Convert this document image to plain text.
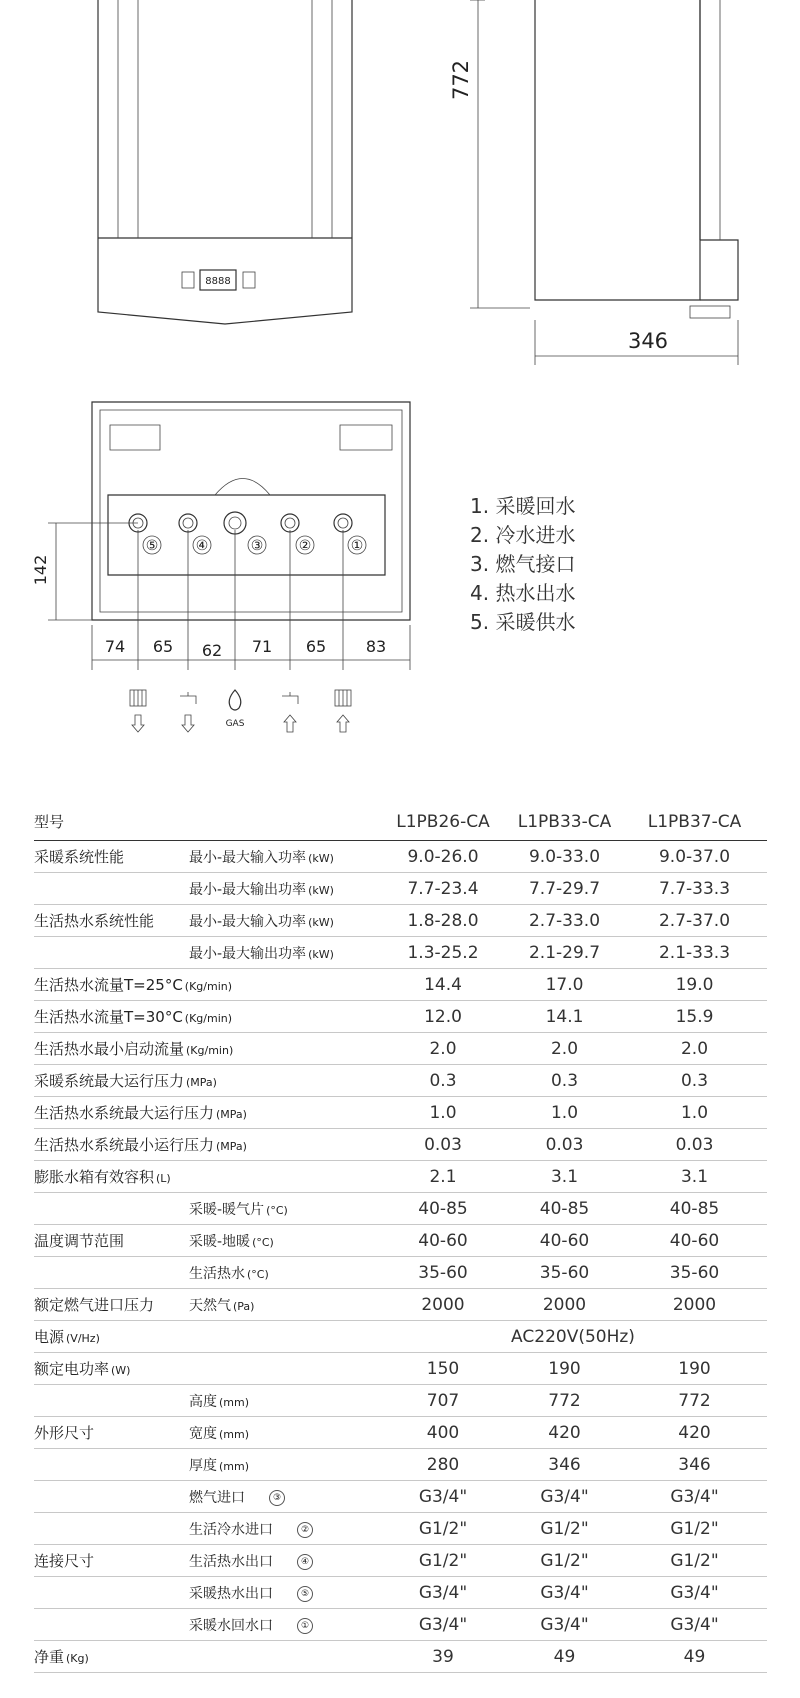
8888
772
346
⑤	④	③	②	①
142
74 65 62 71 65 83
GAS
1. 采暖回水
2. 冷水进水
3. 燃气接口
4. 热水出水
5. 采暖供水
型号		L1PB26-CA	L1PB33-CA	L1PB37-CA
采暖系统性能	最小-最大输入功率 (kW)	9.0-26.0	9.0-33.0	9.0-37.0
	最小-最大输出功率 (kW)	7.7-23.4	7.7-29.7	7.7-33.3
生活热水系统性能	最小-最大输入功率 (kW)	1.8-28.0	2.7-33.0	2.7-37.0
	最小-最大输出功率 (kW)	1.3-25.2	2.1-29.7	2.1-33.3
生活热水流量T=25°C (Kg/min)		14.4	17.0	19.0
生活热水流量T=30°C (Kg/min)		12.0	14.1	15.9
生活热水最小启动流量 (Kg/min)		2.0	2.0	2.0
采暖系统最大运行压力 (MPa)		0.3	0.3	0.3
生活热水系统最大运行压力 (MPa)		1.0	1.0	1.0
生活热水系统最小运行压力 (MPa)		0.03	0.03	0.03
膨胀水箱有效容积 (L)		2.1	3.1	3.1
	采暖-暖气片 (°C)	40-85	40-85	40-85
温度调节范围	采暖-地暖 (°C)	40-60	40-60	40-60
	生活热水 (°C)	35-60	35-60	35-60
额定燃气进口压力	天然气 (Pa)	2000	2000	2000
电源 (V/Hz)		AC220V(50Hz)		
额定电功率 (W)		150	190	190
	高度 (mm)	707	772	772
外形尺寸	宽度 (mm)	400	420	420
	厚度 (mm)	280	346	346
	燃气进口 ③	G3/4"	G3/4"	G3/4"
	生活冷水进口 ②	G1/2"	G1/2"	G1/2"
连接尺寸	生活热水出口 ④	G1/2"	G1/2"	G1/2"
	采暖热水出口 ⑤	G3/4"	G3/4"	G3/4"
	采暖水回水口 ①	G3/4"	G3/4"	G3/4"
净重 (Kg)		39	49	49
